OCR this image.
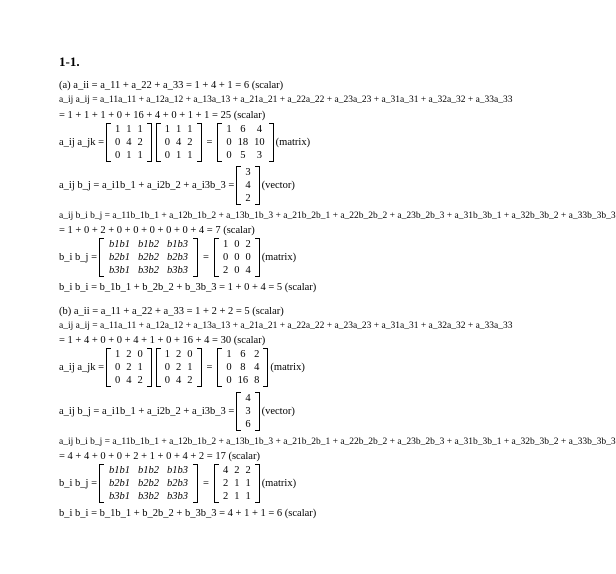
1-1.
(a) a_ii = a_11 + a_22 + a_33 = 1 + 4 + 1 = 6 (scalar)
a_ij a_ij = a_11a_11 + a_12a_12 + a_13a_13 + a_21a_21 + a_22a_22 + a_23a_23 + a_31a_31 + a_32a_32 + a_33a_33
= 1 + 1 + 1 + 0 + 16 + 4 + 0 + 1 + 1 = 25 (scalar)
a_ij a_jk =
1	1	1
0	4	2
0	1	1
1	1	1
0	4	2
0	1	1
=
1	6	4
0	18	10
0	5	3
(matrix)
a_ij b_j = a_i1b_1 + a_i2b_2 + a_i3b_3 =
3
4
2
(vector)
a_ij b_i b_j = a_11b_1b_1 + a_12b_1b_2 + a_13b_1b_3 + a_21b_2b_1 + a_22b_2b_2 + a_23b_2b_3 + a_31b_3b_1 + a_32b_3b_2 + a_33b_3b_3
= 1 + 0 + 2 + 0 + 0 + 0 + 0 + 0 + 4 = 7 (scalar)
b_i b_j =
b1b1	b1b2	b1b3
b2b1	b2b2	b2b3
b3b1	b3b2	b3b3
=
1	0	2
0	0	0
2	0	4
(matrix)
b_i b_i = b_1b_1 + b_2b_2 + b_3b_3 = 1 + 0 + 4 = 5 (scalar)
(b) a_ii = a_11 + a_22 + a_33 = 1 + 2 + 2 = 5 (scalar)
a_ij a_ij = a_11a_11 + a_12a_12 + a_13a_13 + a_21a_21 + a_22a_22 + a_23a_23 + a_31a_31 + a_32a_32 + a_33a_33
= 1 + 4 + 0 + 0 + 4 + 1 + 0 + 16 + 4 = 30 (scalar)
a_ij a_jk =
1	2	0
0	2	1
0	4	2
1	2	0
0	2	1
0	4	2
=
1	6	2
0	8	4
0	16	8
(matrix)
a_ij b_j = a_i1b_1 + a_i2b_2 + a_i3b_3 =
4
3
6
(vector)
a_ij b_i b_j = a_11b_1b_1 + a_12b_1b_2 + a_13b_1b_3 + a_21b_2b_1 + a_22b_2b_2 + a_23b_2b_3 + a_31b_3b_1 + a_32b_3b_2 + a_33b_3b_3
= 4 + 4 + 0 + 0 + 2 + 1 + 0 + 4 + 2 = 17 (scalar)
b_i b_j =
b1b1	b1b2	b1b3
b2b1	b2b2	b2b3
b3b1	b3b2	b3b3
=
4	2	2
2	1	1
2	1	1
(matrix)
b_i b_i = b_1b_1 + b_2b_2 + b_3b_3 = 4 + 1 + 1 = 6 (scalar)
